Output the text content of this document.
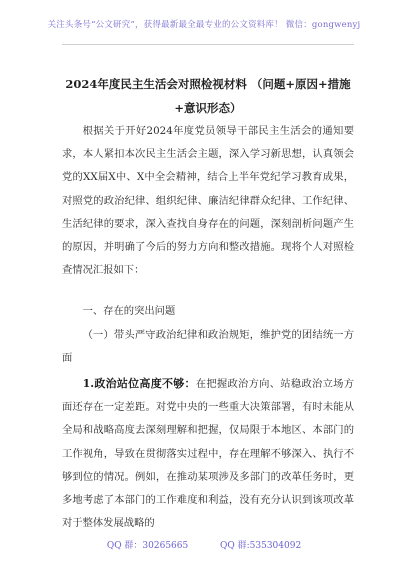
关注头条号“公文研究”，获得最新最全最专业的公文资料库！ 微信：gongwenyj
2024年度民主生活会对照检视材料 （问题+原因+措施+意识形态）
根据关于开好2024年度党员领导干部民主生活会的通知要求，本人紧扣本次民主生活会主题，深入学习新思想，认真领会党的XX届X中、X中全会精神，结合上半年党纪学习教育成果，对照党的政治纪律、组织纪律、廉洁纪律群众纪律、工作纪律、生活纪律的要求，深入查找自身存在的问题，深刻剖析问题产生的原因，并明确了今后的努力方向和整改措施。现将个人对照检查情况汇报如下：
一、存在的突出问题
（一）带头严守政治纪律和政治规矩，维护党的团结统一方面
1.政治站位高度不够：在把握政治方向、站稳政治立场方面还存在一定差距。对党中央的一些重大决策部署，有时未能从全局和战略高度去深刻理解和把握，仅局限于本地区、本部门的工作视角，导致在贯彻落实过程中，存在理解不够深入、执行不够到位的情况。例如，在推动某项涉及多部门的改革任务时，更多地考虑了本部门的工作难度和利益，没有充分认识到该项改革对于整体发展战略的
QQ 群：30265665	QQ 群:535304092
